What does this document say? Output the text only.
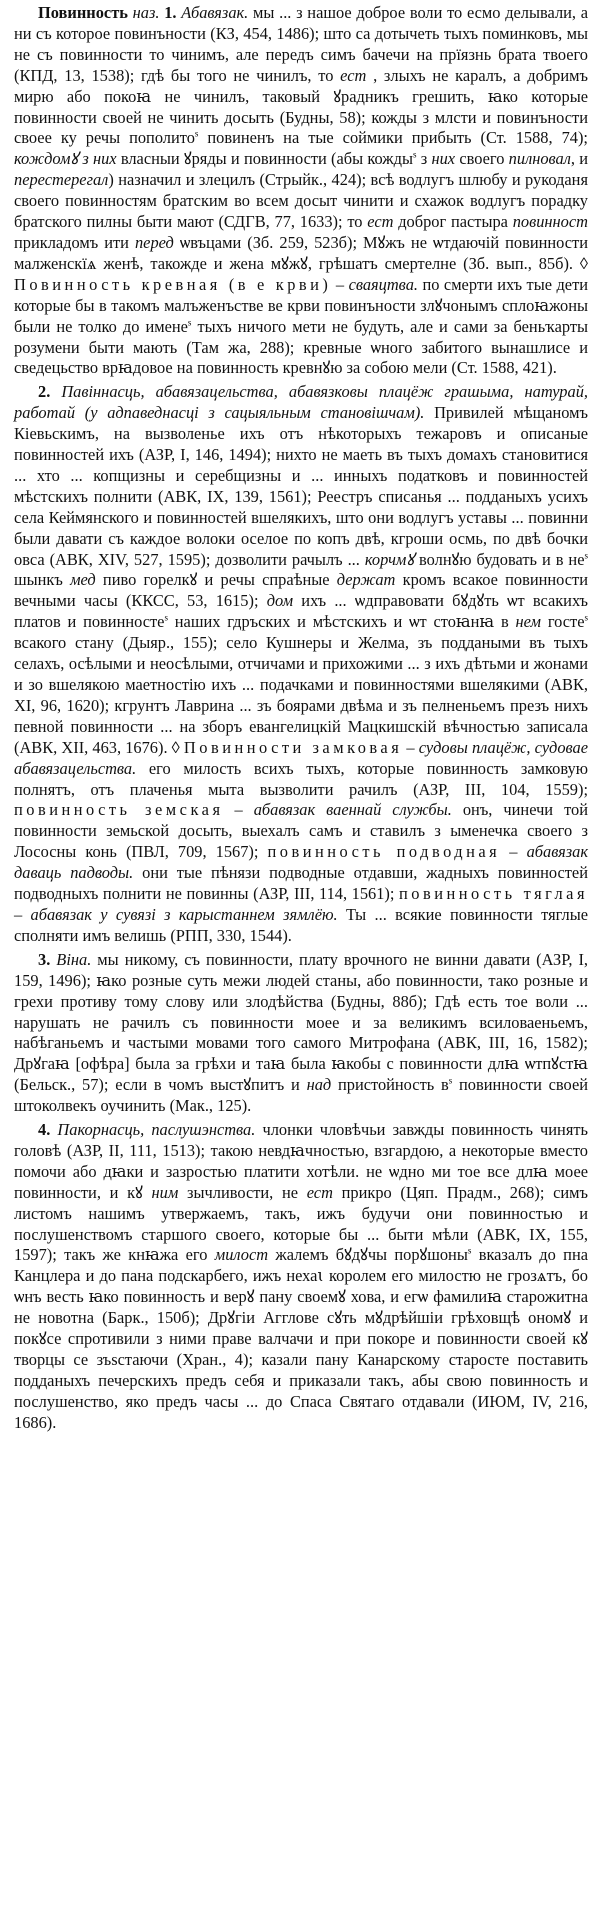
Повинность наз. 1. Абавязак. мы ... з нашое доброе воли то есмо делывали, а ни съ которое повинъности (КЗ, 454, 1486); што са дотычеть тыхъ поминковъ, мы не съ повинности то чинимъ, але передъ симъ бачечи на прїязнь брата твоего (КПД, 13, 1538); гдѣ бы того не чинилъ, то ест , злыхъ не каралъ, а добримъ мирю або покоꙗ не чинилъ, таковый ꙋрадникъ грешить, ꙗко которые повинности своей не чинить досыть (Будны, 58); кожды з млсти и повинъности своее ку речы пополито$^s$ повиненъ на тые соймики прибыть (Ст. 1588, 74); кождомꙋ з них власныи ꙋряды и повинности (абы кожды$^s$ з них своего пилновал, и перестерегал) назначил и злецилъ (Стрыйк., 424); всѣ водлугъ шлюбу и рукоданя своего повинностям братским во всем досыт чинити и схажок водлугъ порадку братского пилны быти мают (СДГВ, 77, 1633); то ест доброг пастыра повинност прикладомъ ити перед ѡвъцами (Зб. 259, 523б); Мꙋжъ не ѡтдаючій повинности малженскїѧ женѣ, такожде и жена мꙋжꙋ, грѣшатъ смертелне (Зб. вып., 85б). ◊ Повинность кревная (в е крви) – сваяцтва. по смерти ихъ тые дети которые бы в такомъ малъженъстве ве крви повинъности злꙋчонымъ сплоꙗжоны были не толко до имене$^s$ тыхъ ничого мети не будуть, але и сами за беньҡарты розумени быти мають (Там жа, 288); кревные ѡного забитого вынашлисе и сведецьство врꙗдовое на повинность кревнꙋю за собою мели (Ст. 1588, 421).

2. Павіннасць, абавязацельства, абавязковы плацёж грашыма, натурай, работай (у адпаведнасці з сацыяльным становішчам). Привилей мѣщаномъ Кіевьскимъ, на вызволенье ихъ отъ нѣкоторыхъ тежаровъ и описаные повинностей ихъ (АЗР, I, 146, 1494); нихто не маеть въ тыхъ домахъ становитися ... хто ... копщизны и серебщизны и ... инныхъ податковъ и повинностей мѣстскихъ полнити (АВК, IX, 139, 1561); Реестръ списанья ... подданыхъ усихъ села Кеймянского и повинностей вшелякихъ, што они водлугъ уставы ... повинни были давати съ каждое волоки оселое по копъ двѣ, кгроши осмь, по двѣ бочки овса (АВК, XIV, 527, 1595); дозволити рачылъ ... корчмꙋ волнꙋю будовать и в $не^s$ шынкъ мед пиво горелкꙋ и речы спраѣные держат кромъ всакое повинности вечными часы (ККСС, 53, 1615); дом ихъ ... ѡдправовати бꙋдꙋть ѡт всакихъ платов и повинносте$^s$ наших гдръских и мѣстскихъ и ѡт стоꙗнꙗ в нем госте$^s$ всакого стану (Дыяр., 155); село Кушнеры и Желма, зъ поддаными въ тыхъ селахъ, осѣлыми и неосѣлыми, отчичами и прихожими ... з ихъ дѣтьми и жонами и зо вшелякою маетностію ихъ ... подачками и повинностями вшелякими (АВК, XI, 96, 1620); кгрунтъ Лаврина ... зъ боярами двѣма и зъ пелненьемъ презъ нихъ певной повинности ... на зборъ евангелицкій Мацкишскій вѣчностью записала (АВК, XII, 463, 1676). ◊ Повинности замковая – судовы плацёж, судовае абавязацельства. его милость всихъ тыхъ, которые повинность замковую полнятъ, отъ плаченья мыта вызволити рачилъ (АЗР, III, 104, 1559); повинность земская – абавязак ваеннай службы. онъ, чинечи той повинности земьской досыть, выехалъ самъ и ставилъ з ыменечка своего з Лососны конь (ПВЛ, 709, 1567); повинность подводная – абавязак даваць падводы. они тые пѣнязи подводные отдавши, жадныхъ повинностей подводныхъ полнити не повинны (АЗР, III, 114, 1561); повинность тяглая – абавязак у сувязі з карыстаннем зямлёю. Ты ... всякие повинности тяглые сполняти имъ велишь (РПП, 330, 1544).

3. Віна. мы никому, съ повинности, плату врочного не винни давати (АЗР, I, 159, 1496); ꙗко розные суть межи людей станы, або повинности, тако розные и грехи противу тому слову или злодѣйства (Будны, 88б); Гдѣ есть тое воли ... нарушать не рачилъ съ повинности моее и за великимъ всиловаеньемъ, набѣганьемъ и частыми мовами того самого Митрофана (АВК, III, 16, 1582); Дрꙋгаꙗ [офѣра] была за грѣхи и таꙗ была ꙗкобы с повинности длꙗ ѡтпꙋстꙗ (Бельск., 57); если в чомъ выстꙋпитъ и над пристойность $в^s$ повинности своей штоколвекъ оучинить (Мак., 125).

4. Пакорнасць, паслушэнства. члонки чловѣчьи завжды повинность чинять головѣ (АЗР, II, 111, 1513); такою невдꙗчностью, взгардою, а некоторые вместо помочи або дꙗки и зазростью платити хотѣли. не ѡдно ми тое все длꙗ моее повинности, и кꙋ ним зычливости, не ест прикро (Цяп. Прадм., 268); симъ листомъ нашимъ утвержаемъ, такъ, ижъ будучи они повинностью и послушенствомъ старшого своего, которые бы ... быти мѣли (АВК, IX, 155, 1597); такъ же кнꙗжа его милост жалемъ бꙋдꙋчы порꙋшоны$^s$ вказалъ до пна Канцлера и до пана подскарбего, ижъ нехаꙇ королем его милостю не грозѧтъ, бо ѡнъ весть ꙗко повинность и верꙋ пану своемꙋ хова, и егѡ фамилиꙗ старожитна не новотна (Барк., 150б); Дрꙋгіи Агглове сꙋть мꙋдрѣйшіи грѣховщѣ ономꙋ и покꙋсе спротивили з ними праве валчачи и при покоре и повинности своей кꙋ творцы се зъѕстаючи (Хран., 4); казали пану Канарскому старосте поставить подданыхъ печерскихъ предъ себя и приказали такъ, абы свою повинность и послушенство, яко предъ часы ... до Спаса Святаго отдавали (ИЮМ, IV, 216, 1686).
